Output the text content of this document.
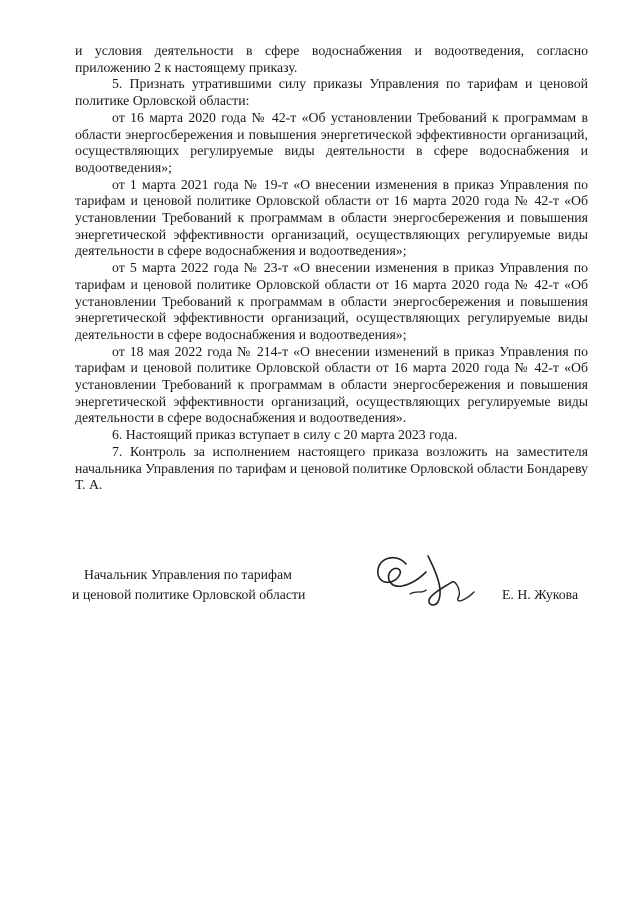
и условия деятельности в сфере водоснабжения и водоотведения, согласно приложению 2 к настоящему приказу.

5. Признать утратившими силу приказы Управления по тарифам и ценовой политике Орловской области:

от 16 марта 2020 года № 42-т «Об установлении Требований к программам в области энергосбережения и повышения энергетической эффективности организаций, осуществляющих регулируемые виды деятельности в сфере водоснабжения и водоотведения»;

от 1 марта 2021 года № 19-т «О внесении изменения в приказ Управления по тарифам и ценовой политике Орловской области от 16 марта 2020 года № 42-т «Об установлении Требований к программам в области энергосбережения и повышения энергетической эффективности организаций, осуществляющих регулируемые виды деятельности в сфере водоснабжения и водоотведения»;

от 5 марта 2022 года № 23-т «О внесении изменения в приказ Управления по тарифам и ценовой политике Орловской области от 16 марта 2020 года № 42-т «Об установлении Требований к программам в области энергосбережения и повышения энергетической эффективности организаций, осуществляющих регулируемые виды деятельности в сфере водоснабжения и водоотведения»;

от 18 мая 2022 года № 214-т «О внесении изменений в приказ Управления по тарифам и ценовой политике Орловской области от 16 марта 2020 года № 42-т «Об установлении Требований к программам в области энергосбережения и повышения энергетической эффективности организаций, осуществляющих регулируемые виды деятельности в сфере водоснабжения и водоотведения».

6. Настоящий приказ вступает в силу с 20 марта 2023 года.

7. Контроль за исполнением настоящего приказа возложить на заместителя начальника Управления по тарифам и ценовой политике Орловской области Бондареву Т. А.

Начальник Управления по тарифам
и ценовой политике Орловской области	Е. Н. Жукова
